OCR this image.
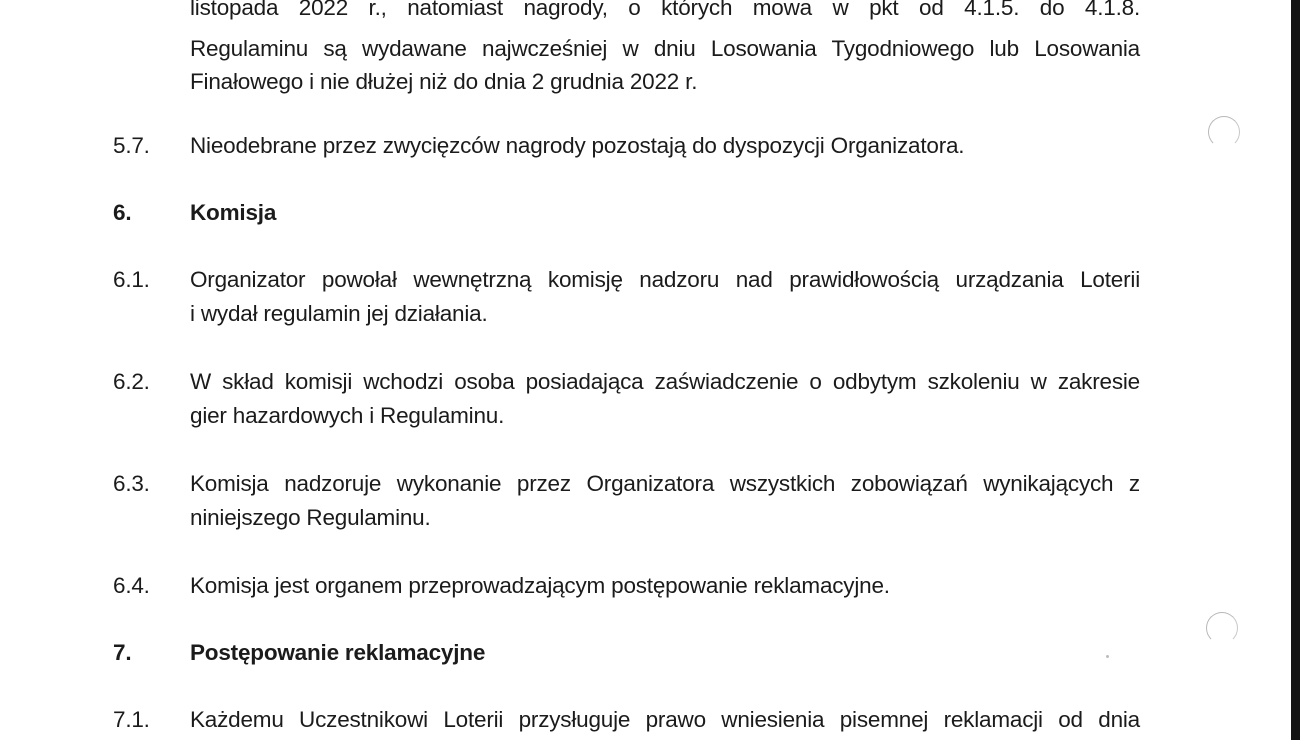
listopada 2022 r., natomiast nagrody, o których mowa w pkt od 4.1.5. do 4.1.8.
Regulaminu są wydawane najwcześniej w dniu Losowania Tygodniowego lub Losowania
Finałowego i nie dłużej niż do dnia 2 grudnia 2022 r.
5.7. Nieodebrane przez zwycięzców nagrody pozostają do dyspozycji Organizatora.
6.	Komisja
6.1. Organizator powołał wewnętrzną komisję nadzoru nad prawidłowością urządzania Loterii
i wydał regulamin jej działania.
6.2. W skład komisji wchodzi osoba posiadająca zaświadczenie o odbytym szkoleniu w zakresie
gier hazardowych i Regulaminu.
6.3. Komisja nadzoruje wykonanie przez Organizatora wszystkich zobowiązań wynikających z
niniejszego Regulaminu.
6.4. Komisja jest organem przeprowadzającym postępowanie reklamacyjne.
7.	Postępowanie reklamacyjne
7.1. Każdemu Uczestnikowi Loterii przysługuje prawo wniesienia pisemnej reklamacji od dnia
